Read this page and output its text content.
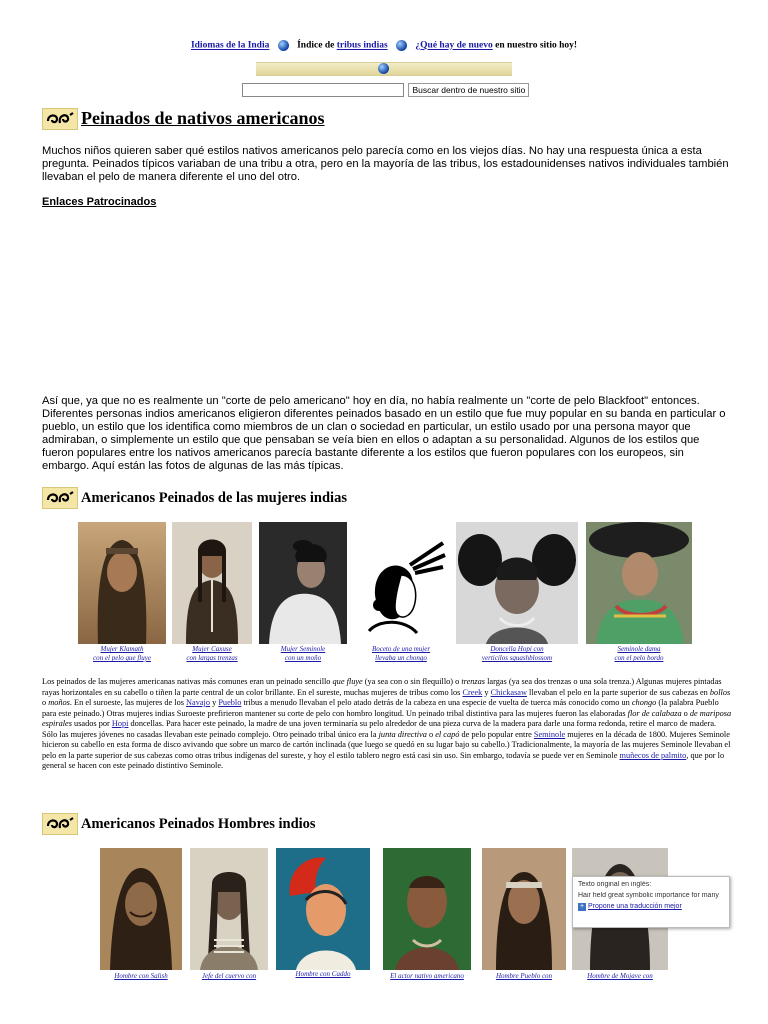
Idiomas de la India	Índice de tribus indias	¿Qué hay de nuevo en nuestro sitio hoy!
Buscar dentro de nuestro sitio
Peinados de nativos americanos

Muchos niños quieren saber qué estilos nativos americanos pelo parecía como en los viejos días. No hay una respuesta única a esta pregunta. Peinados típicos variaban de una tribu a otra, pero en la mayoría de las tribus, los estadounidenses nativos individuales también llevaban el pelo de manera diferente el uno del otro.

Enlaces Patrocinados

Así que, ya que no es realmente un "corte de pelo americano" hoy en día, no había realmente un "corte de pelo Blackfoot" entonces. Diferentes personas indios americanos eligieron diferentes peinados basado en un estilo que fue muy popular en su banda en particular o pueblo, un estilo que los identifica como miembros de un clan o sociedad en particular, un estilo usado por una persona mayor que admiraban, o simplemente un estilo que que pensaban se veía bien en ellos o adaptan a su personalidad. Algunos de los estilos que fueron populares entre los nativos americanos parecía bastante diferente a los estilos que fueron populares con los europeos, sin embargo. Aquí están las fotos de algunas de las más típicas.

Americanos Peinados de las mujeres indias
Mujer Klamath
con el pelo que fluye
Mujer Caxuse
con largas trenzas
Mujer Seminole
con un moño
Boceto de una mujer
llevaba un chongo
Doncella Hopi con
verticilos squashblossom
Seminole dama
con el pelo bordo

Los peinados de las mujeres americanas nativas más comunes eran un peinado sencillo que fluye (ya sea con o sin flequillo) o trenzas largas (ya sea dos trenzas o una sola trenza.) Algunas mujeres pintadas rayas horizontales en su cabello o tiñen la parte central de un color brillante. En el sureste, muchas mujeres de tribus como los Creek y Chickasaw llevaban el pelo en la parte superior de sus cabezas en bollos o moños. En el suroeste, las mujeres de los Navajo y Pueblo tribus a menudo llevaban el pelo atado detrás de la cabeza en una especie de vuelta de tuerca más conocido como un chongo (la palabra Pueblo para este peinado.) Otras mujeres indias Suroeste prefirieron mantener su corte de pelo con hombro longitud. Un peinado tribal distintiva para las mujeres fueron las elaboradas flor de calabaza o de mariposa espirales usados por Hopi doncellas. Para hacer este peinado, la madre de una joven terminaría su pelo alrededor de una pieza curva de la madera para darle una forma redonda, retire el marco de madera. Sólo las mujeres jóvenes no casadas llevaban este peinado complejo. Otro peinado tribal único era la junta directiva o el capó de pelo popular entre Seminole mujeres en la década de 1800. Mujeres Seminole hicieron su cabello en esta forma de disco avivando que sobre un marco de cartón inclinada (que luego se quedó en su lugar bajo su cabello.) Tradicionalmente, la mayoría de las mujeres Seminole llevaban el pelo en la parte superior de sus cabezas como otras tribus indígenas del sureste, y hoy el estilo tablero negro está casi sin uso. Sin embargo, todavía se puede ver en Seminole muñecos de palmito, que por lo general se hacen con este peinado distintivo Seminole.

Americanos Peinados Hombres indios
Hombre con Salish	Jefe del cuervo con	Hombre con Caddo	El actor nativo americano	Hombre Pueblo con	Hombre de Mojave con
Texto original en inglés:
Hair held great symbolic importance for many
+ Propone una traducción mejor
